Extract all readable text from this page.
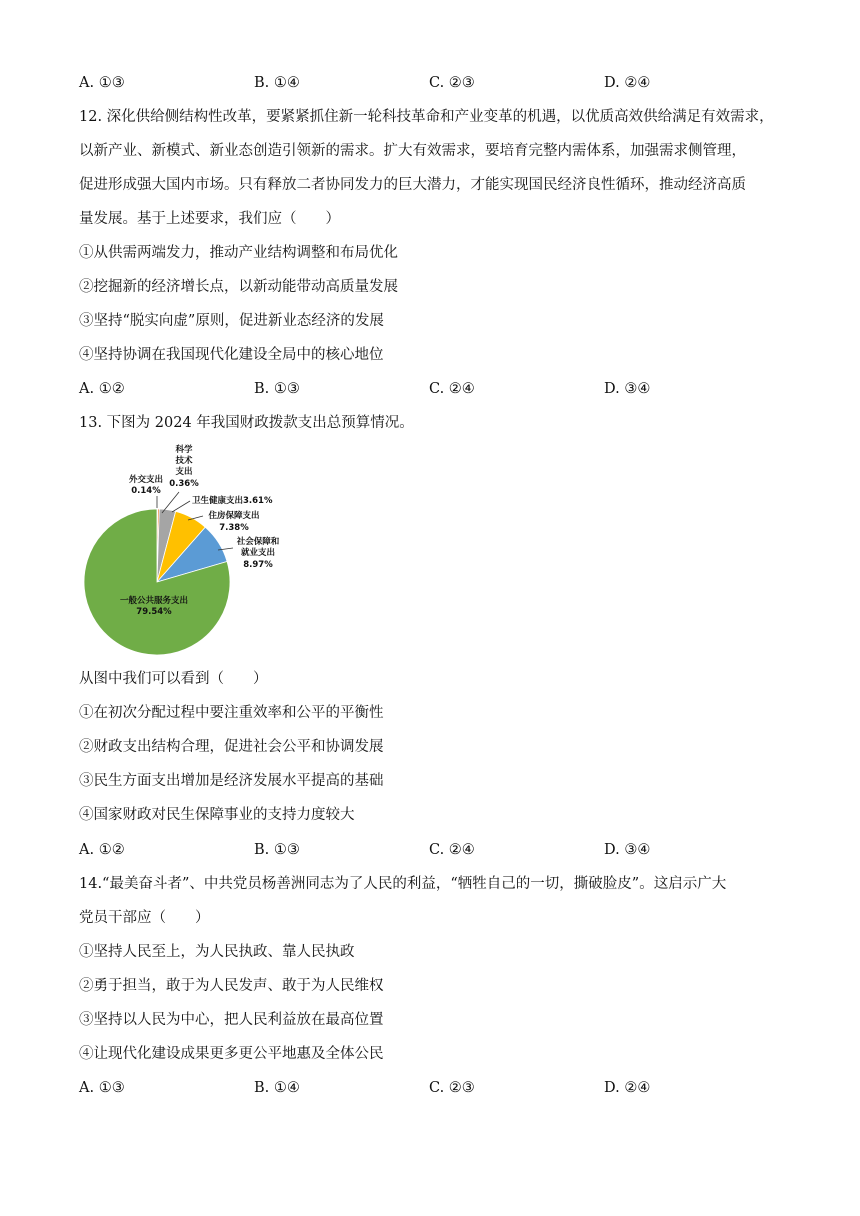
A. ①③	B. ①④	C. ②③	D. ②④
12. 深化供给侧结构性改革，要紧紧抓住新一轮科技革命和产业变革的机遇，以优质高效供给满足有效需求，
以新产业、新模式、新业态创造引领新的需求。扩大有效需求，要培育完整内需体系，加强需求侧管理，
促进形成强大国内市场。只有释放二者协同发力的巨大潜力，才能实现国民经济良性循环，推动经济高质
量发展。基于上述要求，我们应（　　）
①从供需两端发力，推动产业结构调整和布局优化
②挖掘新的经济增长点，以新动能带动高质量发展
③坚持“脱实向虚”原则，促进新业态经济的发展
④坚持协调在我国现代化建设全局中的核心地位
A. ①②	B. ①③	C. ②④	D. ③④
13. 下图为 2024 年我国财政拨款支出总预算情况。
外交支出
0.14%
科学
技术
支出
0.36%
卫生健康支出3.61%
住房保障支出
7.38%
社会保障和
就业支出
8.97%
一般公共服务支出
79.54%
从图中我们可以看到（　　）
①在初次分配过程中要注重效率和公平的平衡性
②财政支出结构合理，促进社会公平和协调发展
③民生方面支出增加是经济发展水平提高的基础
④国家财政对民生保障事业的支持力度较大
A. ①②	B. ①③	C. ②④	D. ③④
14.“最美奋斗者”、中共党员杨善洲同志为了人民的利益，“牺牲自己的一切，撕破脸皮”。这启示广大
党员干部应（　　）
①坚持人民至上，为人民执政、靠人民执政
②勇于担当，敢于为人民发声、敢于为人民维权
③坚持以人民为中心，把人民利益放在最高位置
④让现代化建设成果更多更公平地惠及全体公民
A. ①③	B. ①④	C. ②③	D. ②④
